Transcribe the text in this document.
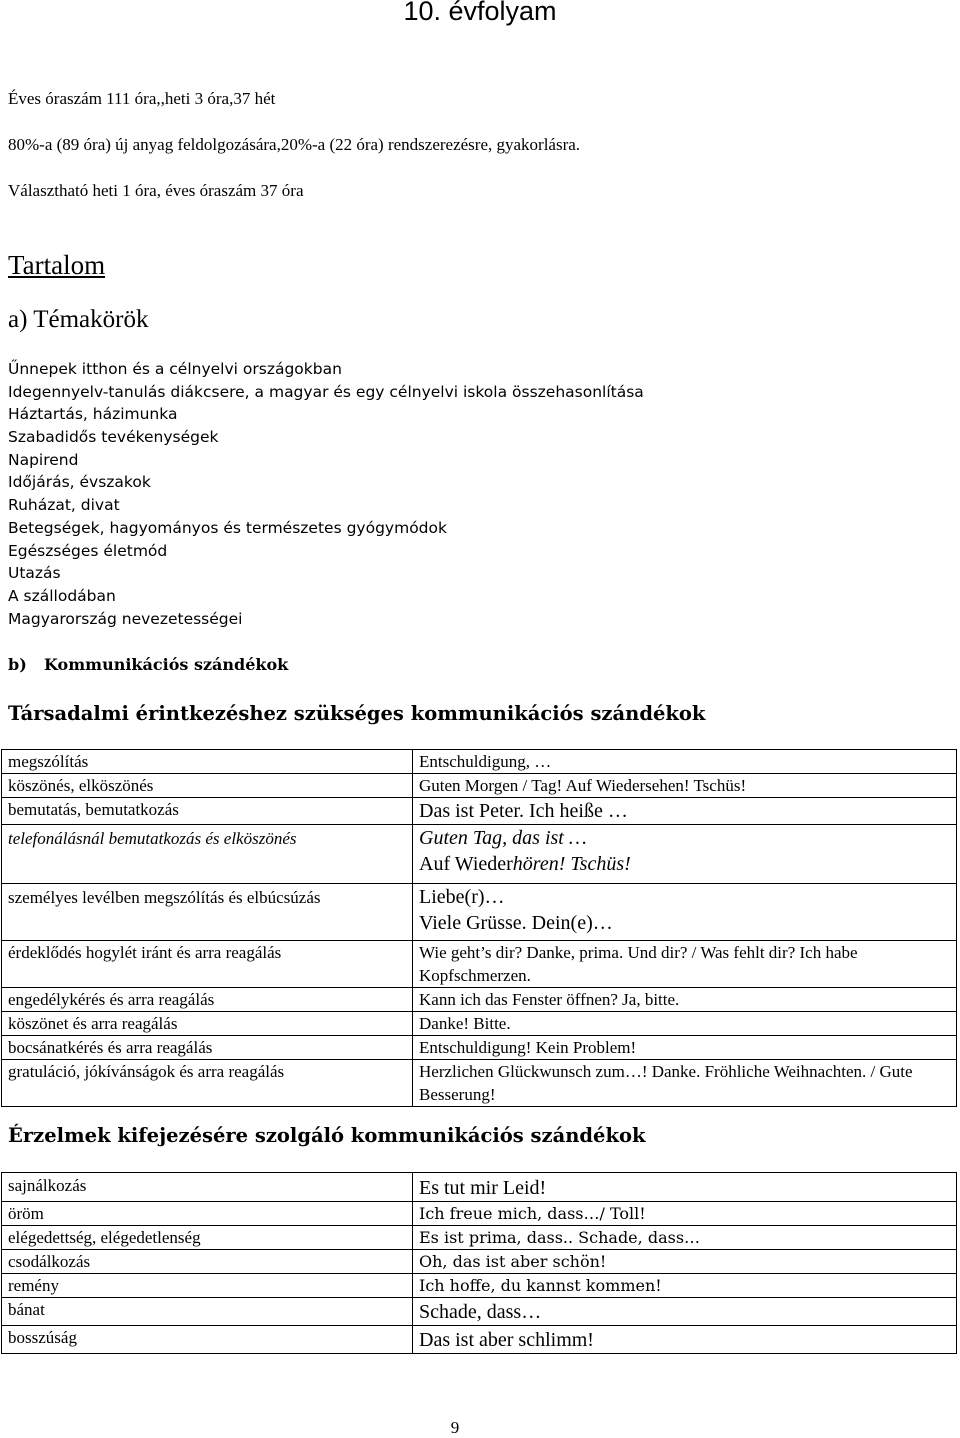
10. évfolyam
Éves óraszám 111 óra,,heti 3 óra,37 hét
80%-a (89 óra) új anyag feldolgozására,20%-a (22 óra) rendszerezésre, gyakorlásra.
Választható heti 1 óra, éves óraszám 37 óra
Tartalom
a) Témakörök
Űnnepek itthon és a célnyelvi országokban
Idegennyelv-tanulás diákcsere, a magyar és egy célnyelvi iskola összehasonlítása
Háztartás, házimunka
Szabadidős tevékenységek
Napirend
Időjárás, évszakok
Ruházat, divat
Betegségek, hagyományos és természetes gyógymódok
Egészséges életmód
Utazás
A szállodában
Magyarország nevezetességei
b) Kommunikációs szándékok
Társadalmi érintkezéshez szükséges kommunikációs szándékok
megszólítás	Entschuldigung, …
köszönés, elköszönés	Guten Morgen / Tag! Auf Wiedersehen! Tschüs!
bemutatás, bemutatkozás	Das ist Peter. Ich heiße …
telefonálásnál bemutatkozás és elköszönés	Guten Tag, das ist …
Auf Wiederhören! Tschüs!

személyes levélben megszólítás és elbúcsúzás	Liebe(r)…
Viele Grüsse. Dein(e)…

érdeklődés hogylét iránt és arra reagálás	Wie geht’s dir? Danke, prima. Und dir? / Was fehlt dir? Ich habe Kopfschmerzen.
engedélykérés és arra reagálás	Kann ich das Fenster öffnen? Ja, bitte.
köszönet és arra reagálás	Danke! Bitte.
bocsánatkérés és arra reagálás	Entschuldigung! Kein Problem!
gratuláció, jókívánságok és arra reagálás	Herzlichen Glückwunsch zum…! Danke. Fröhliche Weihnachten. / Gute Besserung!
Érzelmek kifejezésére szolgáló kommunikációs szándékok
sajnálkozás	Es tut mir Leid!
öröm	Ich freue mich, dass…/ Toll!
elégedettség, elégedetlenség	Es ist prima, dass.. Schade, dass…
csodálkozás	Oh, das ist aber schön!
remény	Ich hoffe, du kannst kommen!
bánat	Schade, dass…
bosszúság	Das ist aber schlimm!
9
